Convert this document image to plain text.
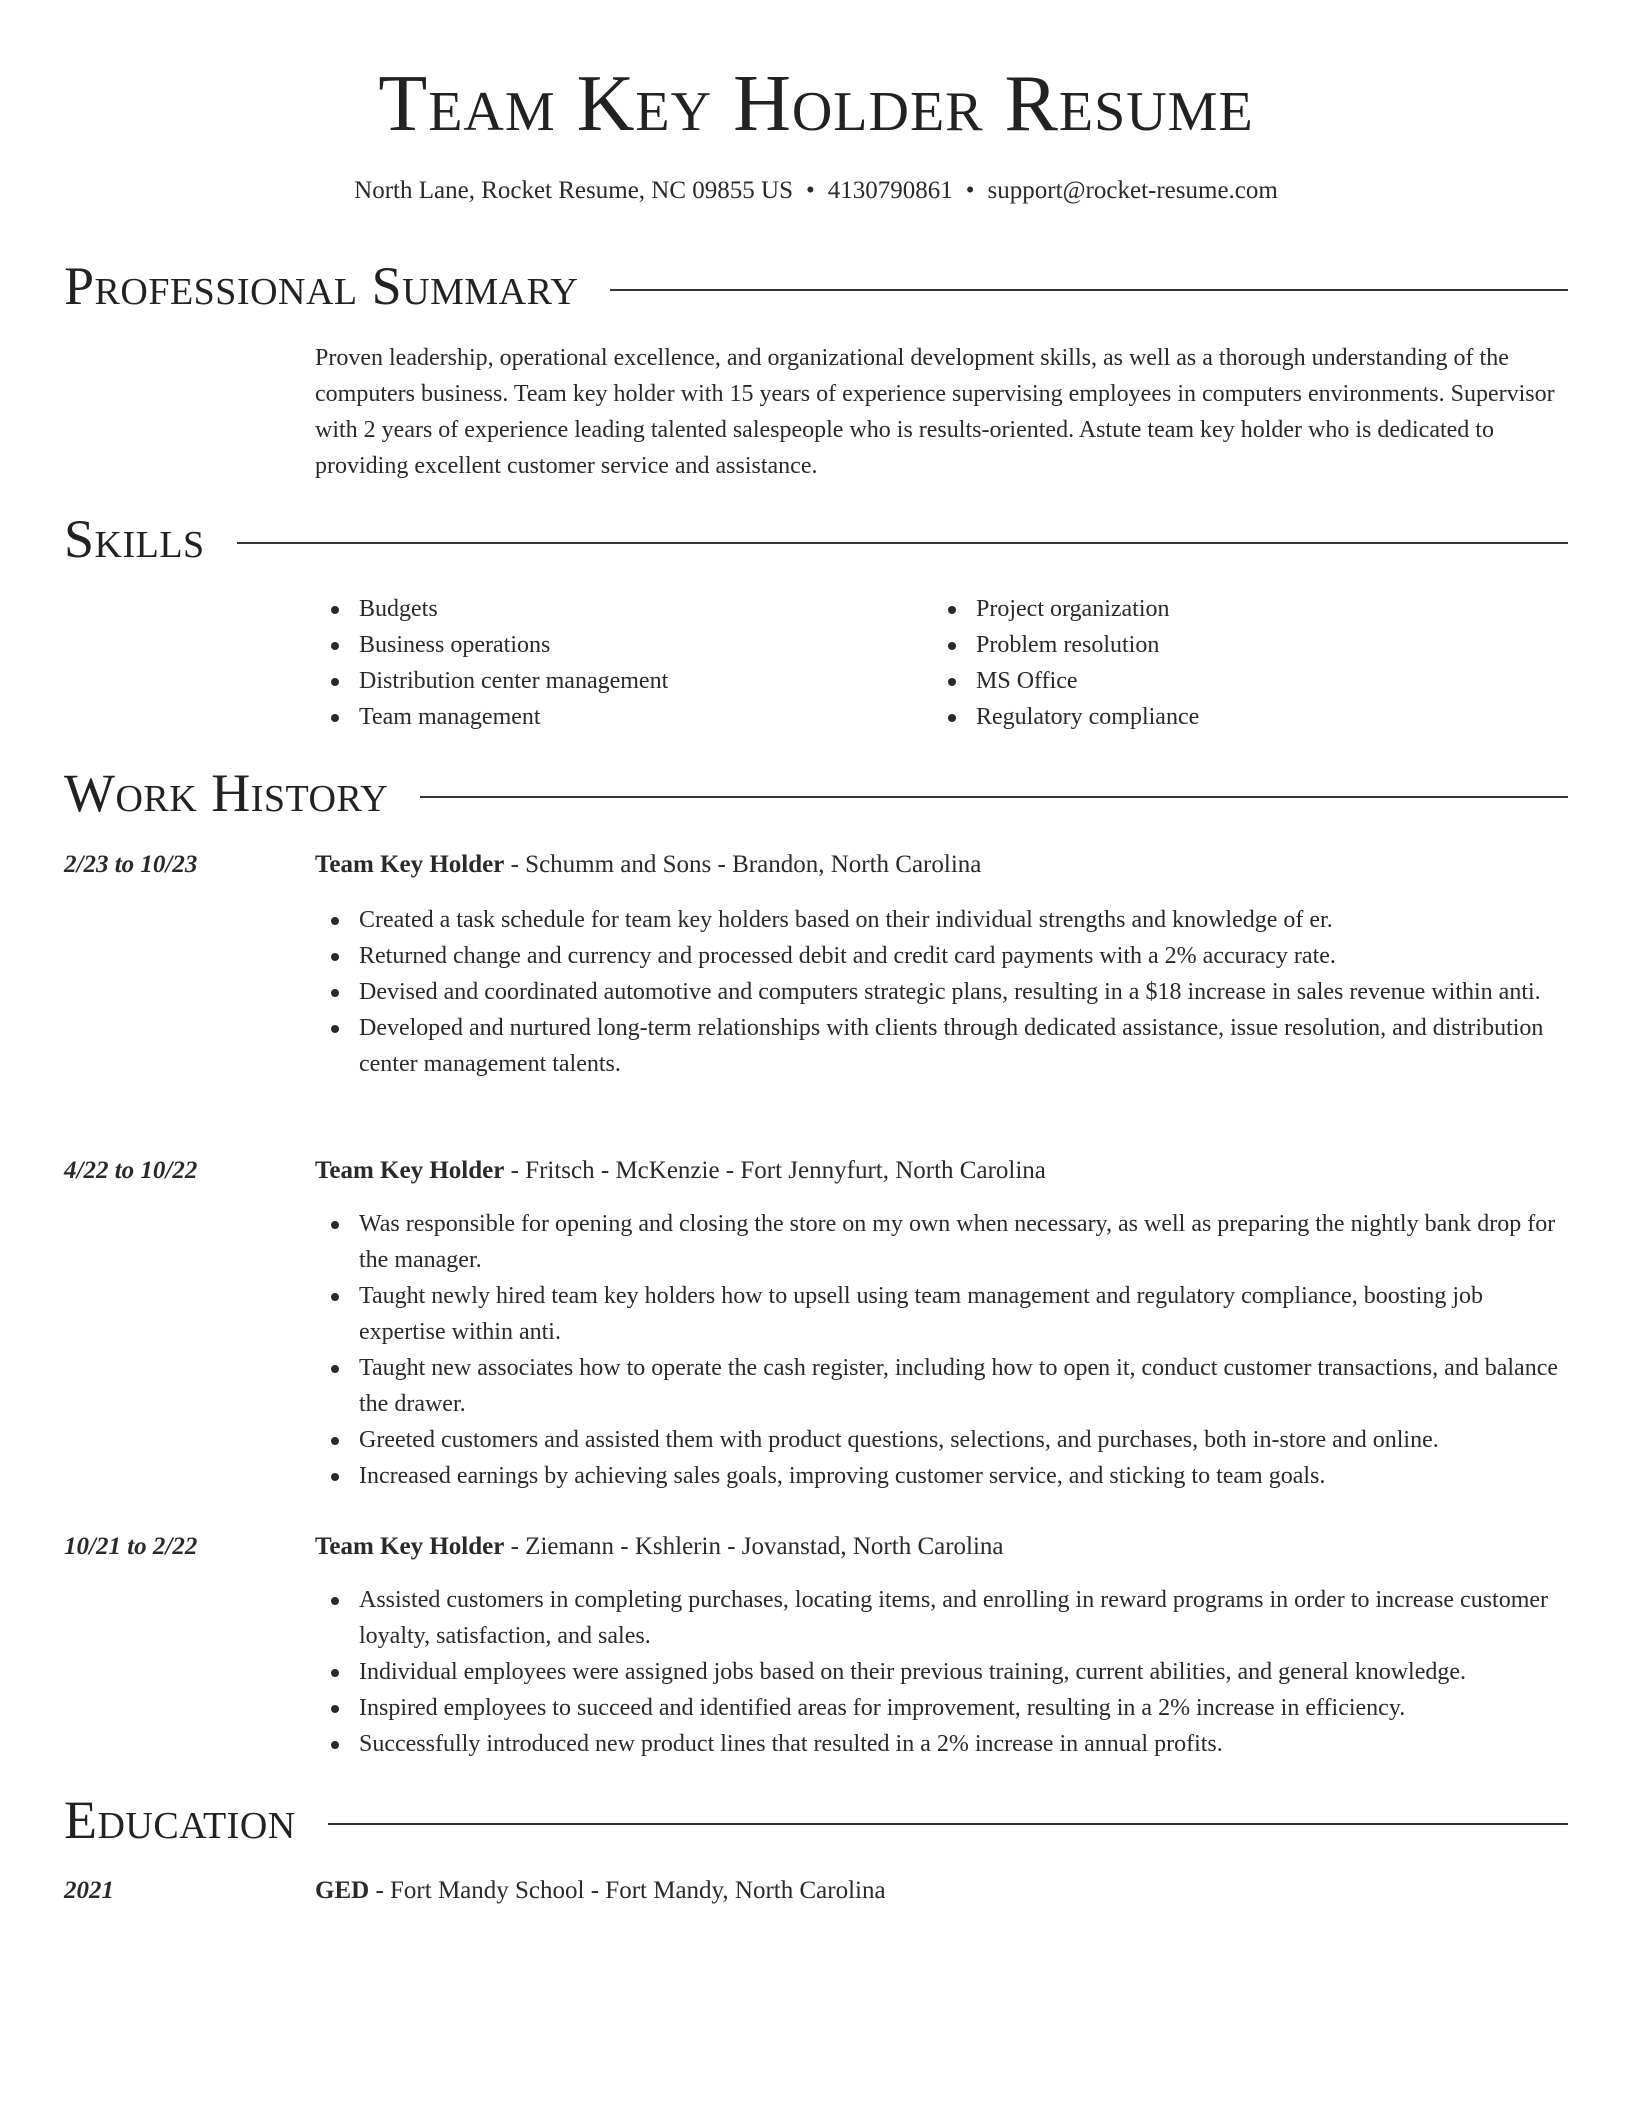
Team Key Holder Resume
North Lane, Rocket Resume, NC 09855 US • 4130790861 • support@rocket-resume.com
Professional Summary

Proven leadership, operational excellence, and organizational development skills, as well as a thorough understanding of the computers business. Team key holder with 15 years of experience supervising employees in computers environments. Supervisor with 2 years of experience leading talented salespeople who is results-oriented. Astute team key holder who is dedicated to providing excellent customer service and assistance.

Skills
Budgets
Business operations
Distribution center management
Team management
Project organization
Problem resolution
MS Office
Regulatory compliance
Work History
2/23 to 10/23	Team Key Holder - Schumm and Sons - Brandon, North Carolina
Created a task schedule for team key holders based on their individual strengths and knowledge of er.
Returned change and currency and processed debit and credit card payments with a 2% accuracy rate.
Devised and coordinated automotive and computers strategic plans, resulting in a $18 increase in sales revenue within anti.
Developed and nurtured long-term relationships with clients through dedicated assistance, issue resolution, and distribution center management talents.
4/22 to 10/22	Team Key Holder - Fritsch - McKenzie - Fort Jennyfurt, North Carolina
Was responsible for opening and closing the store on my own when necessary, as well as preparing the nightly bank drop for the manager.
Taught newly hired team key holders how to upsell using team management and regulatory compliance, boosting job expertise within anti.
Taught new associates how to operate the cash register, including how to open it, conduct customer transactions, and balance the drawer.
Greeted customers and assisted them with product questions, selections, and purchases, both in-store and online.
Increased earnings by achieving sales goals, improving customer service, and sticking to team goals.
10/21 to 2/22	Team Key Holder - Ziemann - Kshlerin - Jovanstad, North Carolina
Assisted customers in completing purchases, locating items, and enrolling in reward programs in order to increase customer loyalty, satisfaction, and sales.
Individual employees were assigned jobs based on their previous training, current abilities, and general knowledge.
Inspired employees to succeed and identified areas for improvement, resulting in a 2% increase in efficiency.
Successfully introduced new product lines that resulted in a 2% increase in annual profits.
Education
2021	GED - Fort Mandy School - Fort Mandy, North Carolina
